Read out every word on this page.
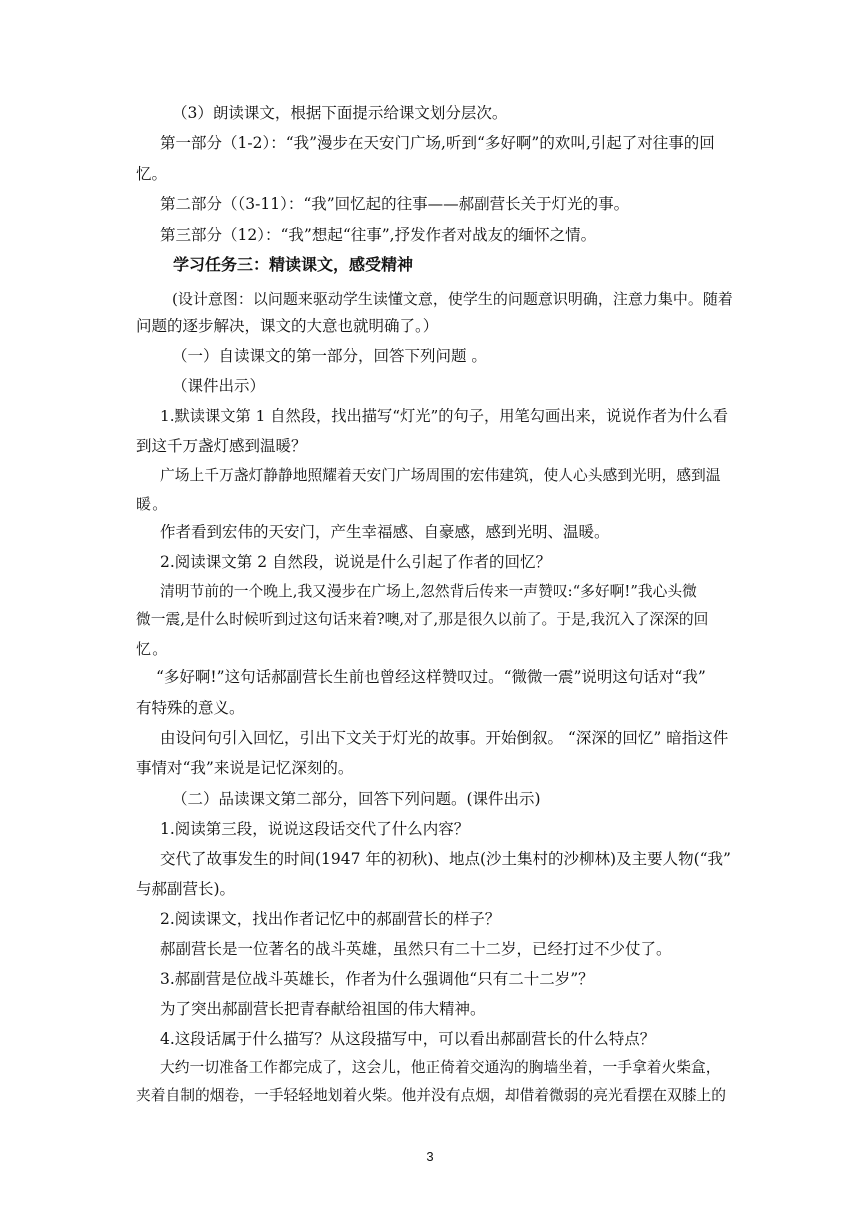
（3）朗读课文，根据下面提示给课文划分层次。
第一部分（1-2）：“我”漫步在天安门广场,听到“多好啊”的欢叫,引起了对往事的回
忆。
第二部分（（3-11）：“我”回忆起的往事——郝副营长关于灯光的事。
第三部分（12）：“我”想起“往事”,抒发作者对战友的缅怀之情。
学习任务三：精读课文，感受精神
(设计意图：以问题来驱动学生读懂文意，使学生的问题意识明确，注意力集中。随着
问题的逐步解决，课文的大意也就明确了。）
（一）自读课文的第一部分，回答下列问题 。
（课件出示）
1.默读课文第 1 自然段，找出描写“灯光”的句子，用笔勾画出来，说说作者为什么看
到这千万盏灯感到温暖？
广场上千万盏灯静静地照耀着天安门广场周围的宏伟建筑，使人心头感到光明，感到温
暖。
作者看到宏伟的天安门，产生幸福感、自豪感，感到光明、温暖。
2.阅读课文第 2 自然段，说说是什么引起了作者的回忆？
清明节前的一个晚上,我又漫步在广场上,忽然背后传来一声赞叹:“多好啊!”我心头微
微一震,是什么时候听到过这句话来着?噢,对了,那是很久以前了。于是,我沉入了深深的回
忆。
“多好啊!”这句话郝副营长生前也曾经这样赞叹过。“微微一震”说明这句话对“我”
有特殊的意义。
由设问句引入回忆，引出下文关于灯光的故事。开始倒叙。 “深深的回忆” 暗指这件
事情对“我”来说是记忆深刻的。
（二）品读课文第二部分，回答下列问题。(课件出示)
1.阅读第三段，说说这段话交代了什么内容？
交代了故事发生的时间(1947 年的初秋)、地点(沙土集村的沙柳林)及主要人物(“我”
与郝副营长)。
2.阅读课文，找出作者记忆中的郝副营长的样子？
郝副营长是一位著名的战斗英雄，虽然只有二十二岁，已经打过不少仗了。
3.郝副营是位战斗英雄长，作者为什么强调他“只有二十二岁”？
为了突出郝副营长把青春献给祖国的伟大精神。
4.这段话属于什么描写？从这段描写中，可以看出郝副营长的什么特点？
大约一切准备工作都完成了，这会儿，他正倚着交通沟的胸墙坐着，一手拿着火柴盒，
夹着自制的烟卷，一手轻轻地划着火柴。他并没有点烟，却借着微弱的亮光看摆在双膝上的
3
